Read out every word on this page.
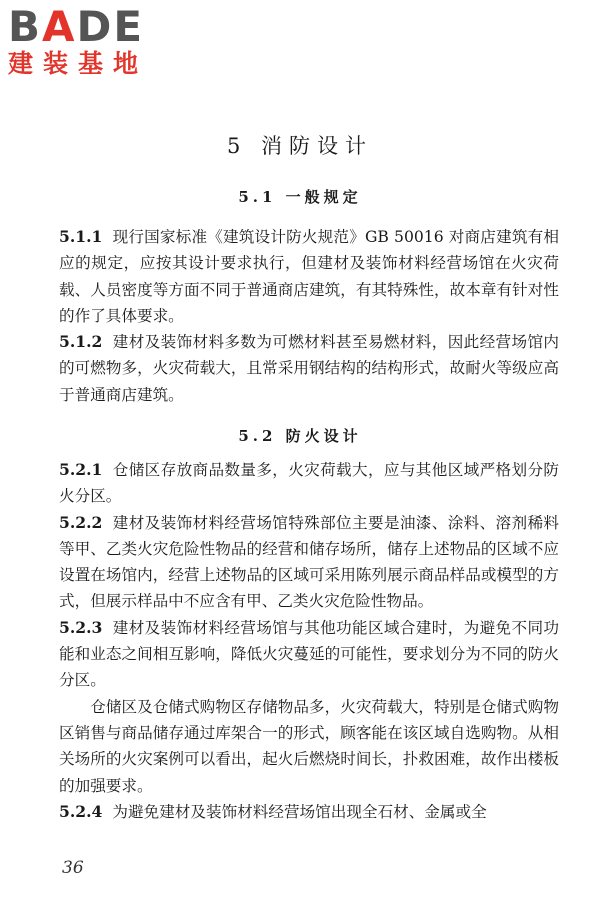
BADE
建装基地
5 消防设计
5.1 一般规定

5.1.1 现行国家标准《建筑设计防火规范》GB 50016 对商店建筑有相应的规定，应按其设计要求执行，但建材及装饰材料经营场馆在火灾荷载、人员密度等方面不同于普通商店建筑，有其特殊性，故本章有针对性的作了具体要求。

5.1.2 建材及装饰材料多数为可燃材料甚至易燃材料，因此经营场馆内的可燃物多，火灾荷载大，且常采用钢结构的结构形式，故耐火等级应高于普通商店建筑。

5.2 防火设计

5.2.1 仓储区存放商品数量多，火灾荷载大，应与其他区域严格划分防火分区。

5.2.2 建材及装饰材料经营场馆特殊部位主要是油漆、涂料、溶剂稀料等甲、乙类火灾危险性物品的经营和储存场所，储存上述物品的区域不应设置在场馆内，经营上述物品的区域可采用陈列展示商品样品或模型的方式，但展示样品中不应含有甲、乙类火灾危险性物品。

5.2.3 建材及装饰材料经营场馆与其他功能区域合建时，为避免不同功能和业态之间相互影响，降低火灾蔓延的可能性，要求划分为不同的防火分区。

仓储区及仓储式购物区存储物品多，火灾荷载大，特别是仓储式购物区销售与商品储存通过库架合一的形式，顾客能在该区域自选购物。从相关场所的火灾案例可以看出，起火后燃烧时间长，扑救困难，故作出楼板的加强要求。

5.2.4 为避免建材及装饰材料经营场馆出现全石材、金属或全

36
